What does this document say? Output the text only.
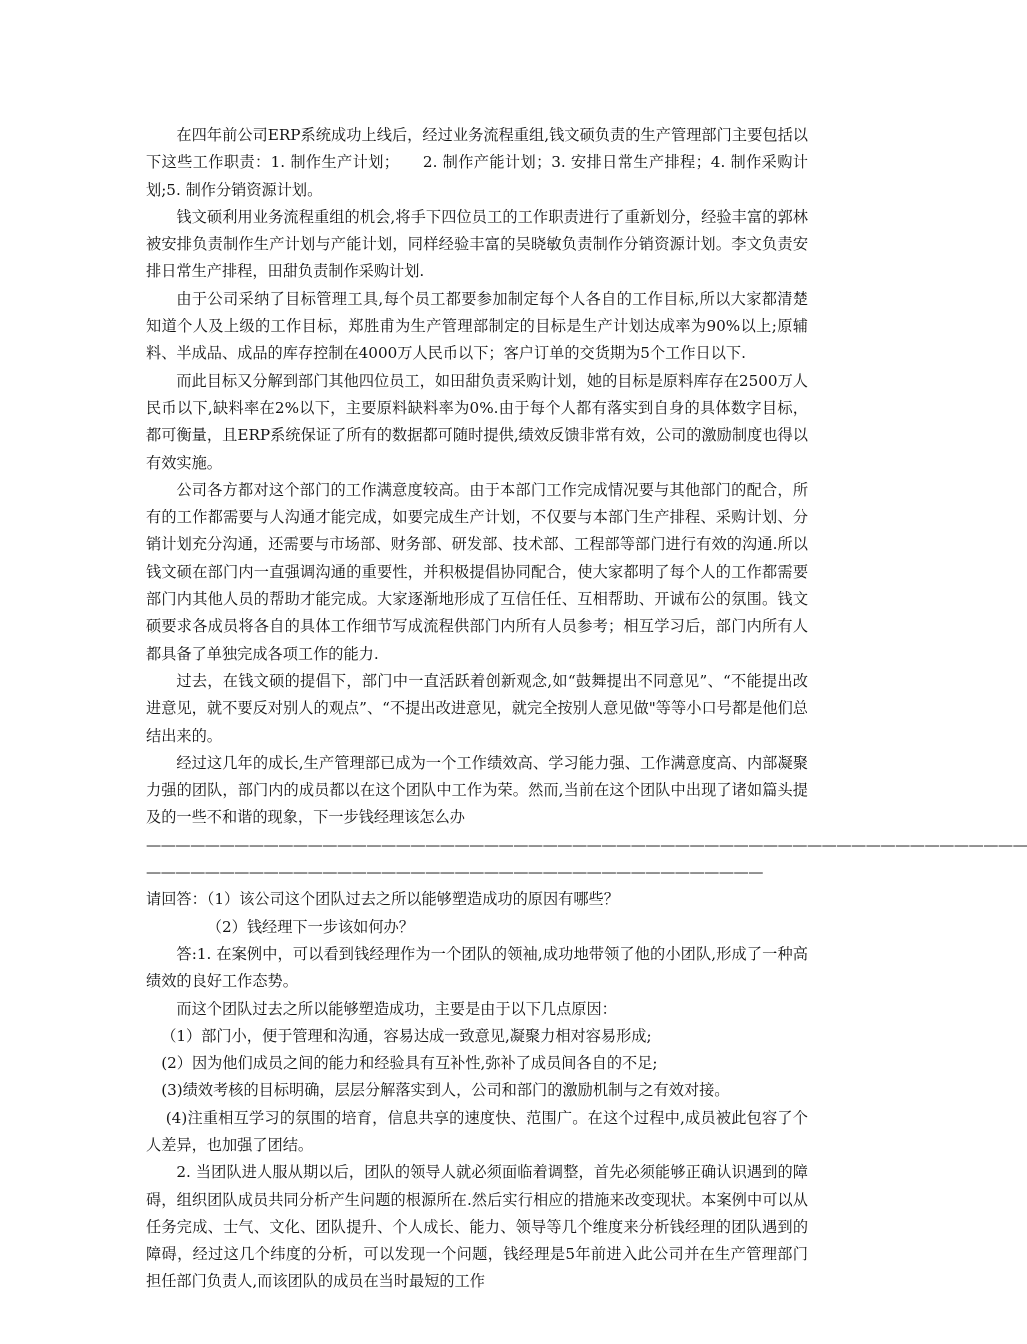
在四年前公司ERP系统成功上线后，经过业务流程重组,钱文硕负责的生产管理部门主要包括以下这些工作职责：1. 制作生产计划；　　2. 制作产能计划；3. 安排日常生产排程；4. 制作采购计划;5. 制作分销资源计划。

钱文硕利用业务流程重组的机会,将手下四位员工的工作职责进行了重新划分，经验丰富的郭林被安排负责制作生产计划与产能计划，同样经验丰富的吴晓敏负责制作分销资源计划。李文负责安排日常生产排程，田甜负责制作采购计划.

由于公司采纳了目标管理工具,每个员工都要参加制定每个人各自的工作目标,所以大家都清楚知道个人及上级的工作目标，郑胜甫为生产管理部制定的目标是生产计划达成率为90%以上;原辅料、半成品、成品的库存控制在4000万人民币以下；客户订单的交货期为5个工作日以下.

而此目标又分解到部门其他四位员工，如田甜负责采购计划，她的目标是原料库存在2500万人民币以下,缺料率在2%以下，主要原料缺料率为0%.由于每个人都有落实到自身的具体数字目标，都可衡量，且ERP系统保证了所有的数据都可随时提供,绩效反馈非常有效，公司的激励制度也得以有效实施。

公司各方都对这个部门的工作满意度较高。由于本部门工作完成情况要与其他部门的配合，所有的工作都需要与人沟通才能完成，如要完成生产计划，不仅要与本部门生产排程、采购计划、分销计划充分沟通，还需要与市场部、财务部、研发部、技术部、工程部等部门进行有效的沟通.所以钱文硕在部门内一直强调沟通的重要性，并积极提倡协同配合，使大家都明了每个人的工作都需要部门内其他人员的帮助才能完成。大家逐渐地形成了互信任任、互相帮助、开诚布公的氛围。钱文硕要求各成员将各自的具体工作细节写成流程供部门内所有人员参考；相互学习后，部门内所有人都具备了单独完成各项工作的能力.

过去，在钱文硕的提倡下，部门中一直活跃着创新观念,如“鼓舞提出不同意见”、“不能提出改进意见，就不要反对别人的观点”、“不提出改进意见，就完全按别人意见做"等等小口号都是他们总结出来的。

经过这几年的成长,生产管理部已成为一个工作绩效高、学习能力强、工作满意度高、内部凝聚力强的团队，部门内的成员都以在这个团队中工作为荣。然而,当前在这个团队中出现了诸如篇头提及的一些不和谐的现象，下一步钱经理该怎么办

————————————————————————————————————————————————————————————

——————————————————————————————————————————

请回答：（1）该公司这个团队过去之所以能够塑造成功的原因有哪些？

（2）钱经理下一步该如何办？

答:1. 在案例中，可以看到钱经理作为一个团队的领袖,成功地带领了他的小团队,形成了一种高绩效的良好工作态势。

而这个团队过去之所以能够塑造成功，主要是由于以下几点原因：

（1）部门小，便于管理和沟通，容易达成一致意见,凝聚力相对容易形成;

(2）因为他们成员之间的能力和经验具有互补性,弥补了成员间各自的不足;

(3)绩效考核的目标明确，层层分解落实到人，公司和部门的激励机制与之有效对接。

(4)注重相互学习的氛围的培育，信息共享的速度快、范围广。在这个过程中,成员被此包容了个人差异，也加强了团结。

2. 当团队进人服从期以后，团队的领导人就必须面临着调整，首先必须能够正确认识遇到的障碍，组织团队成员共同分析产生问题的根源所在.然后实行相应的措施来改变现状。本案例中可以从任务完成、士气、文化、团队提升、个人成长、能力、领导等几个维度来分析钱经理的团队遇到的障碍，经过这几个纬度的分析，可以发现一个问题，钱经理是5年前进入此公司并在生产管理部门担任部门负责人,而该团队的成员在当时最短的工作
